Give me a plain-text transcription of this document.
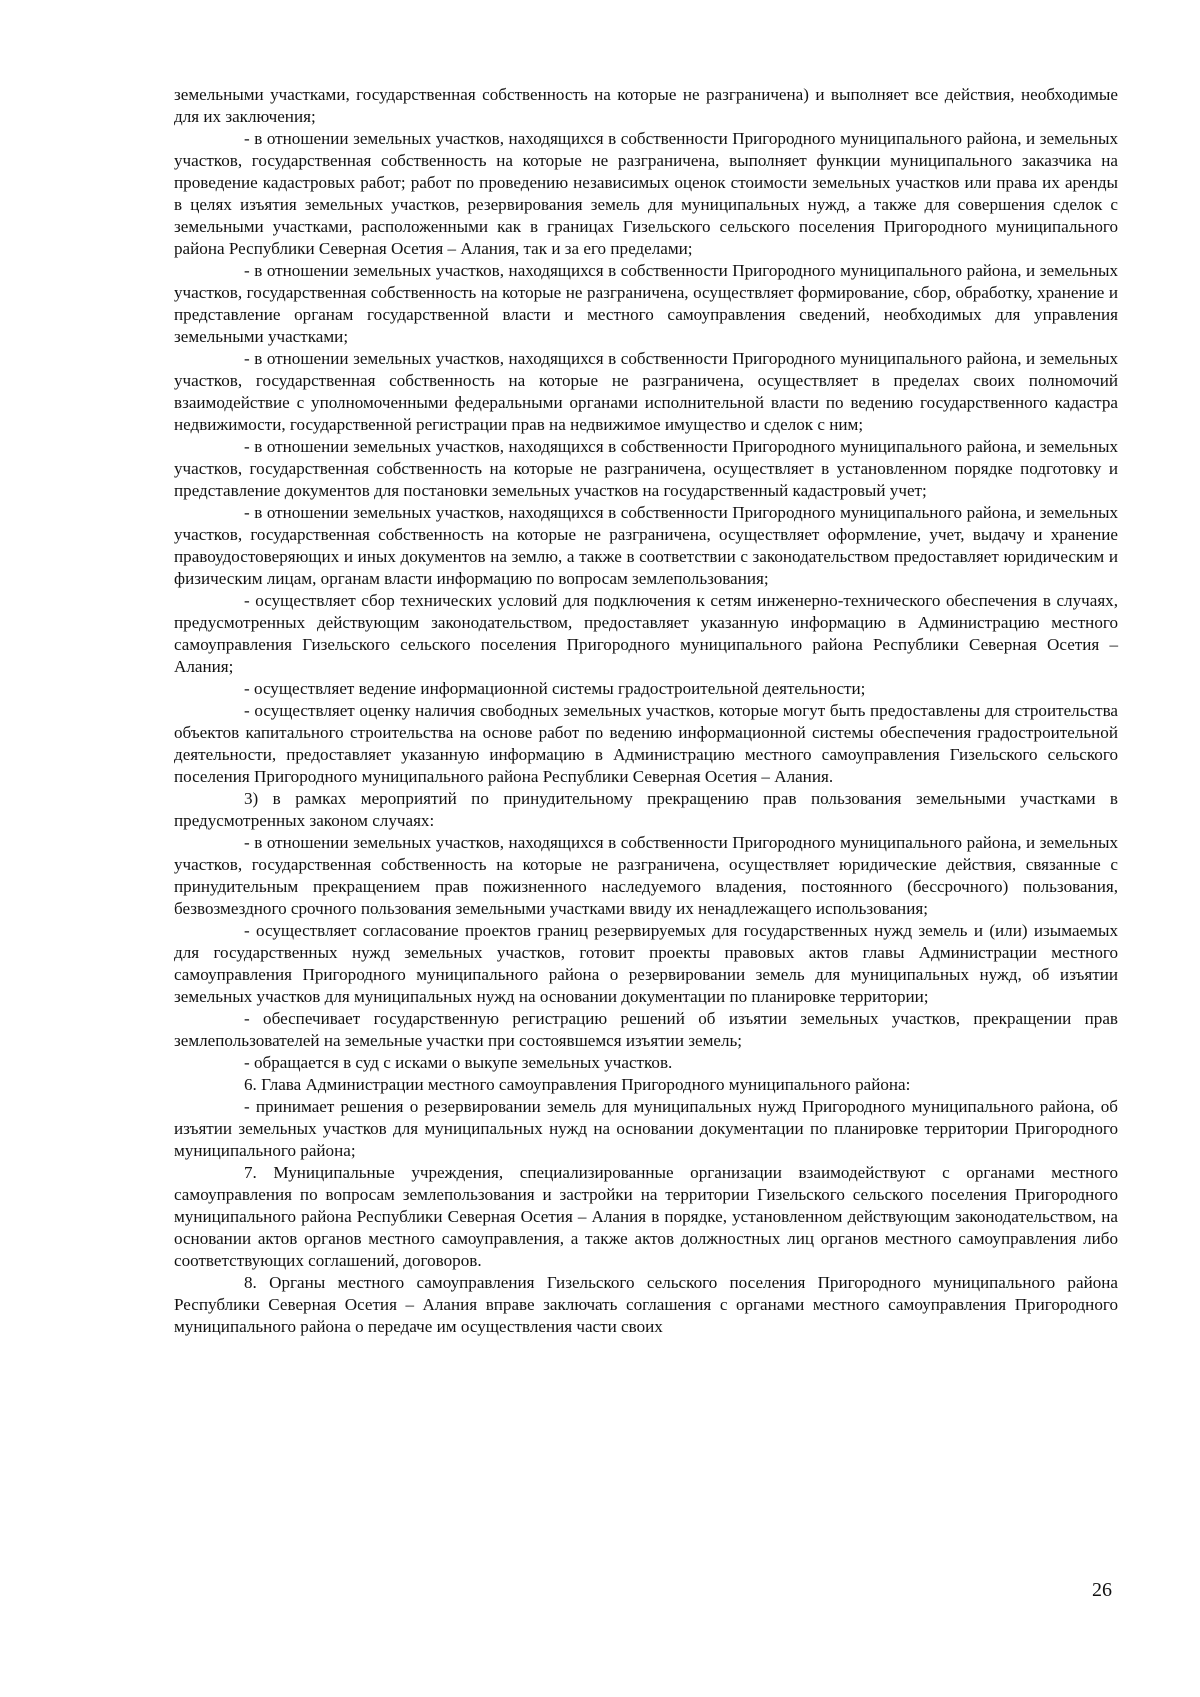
земельными участками, государственная собственность на которые не разграничена) и выполняет все действия, необходимые для их заключения;

- в отношении земельных участков, находящихся в собственности Пригородного муниципального района, и земельных участков, государственная собственность на которые не разграничена, выполняет функции муниципального заказчика на проведение кадастровых работ; работ по проведению независимых оценок стоимости земельных участков или права их аренды в целях изъятия земельных участков, резервирования земель для муниципальных нужд, а также для совершения сделок с земельными участками, расположенными как в границах Гизельского сельского поселения Пригородного муниципального района Республики Северная Осетия – Алания, так и за его пределами;

- в отношении земельных участков, находящихся в собственности Пригородного муниципального района, и земельных участков, государственная собственность на которые не разграничена, осуществляет формирование, сбор, обработку, хранение и представление органам государственной власти и местного самоуправления сведений, необходимых для управления земельными участками;

- в отношении земельных участков, находящихся в собственности Пригородного муниципального района, и земельных участков, государственная собственность на которые не разграничена, осуществляет в пределах своих полномочий взаимодействие с уполномоченными федеральными органами исполнительной власти по ведению государственного кадастра недвижимости, государственной регистрации прав на недвижимое имущество и сделок с ним;

- в отношении земельных участков, находящихся в собственности Пригородного муниципального района, и земельных участков, государственная собственность на которые не разграничена, осуществляет в установленном порядке подготовку и представление документов для постановки земельных участков на государственный кадастровый учет;

- в отношении земельных участков, находящихся в собственности Пригородного муниципального района, и земельных участков, государственная собственность на которые не разграничена, осуществляет оформление, учет, выдачу и хранение правоудостоверяющих и иных документов на землю, а также в соответствии с законодательством предоставляет юридическим и физическим лицам, органам власти информацию по вопросам землепользования;

- осуществляет сбор технических условий для подключения к сетям инженерно-технического обеспечения в случаях, предусмотренных действующим законодательством, предоставляет указанную информацию в Администрацию местного самоуправления Гизельского сельского поселения Пригородного муниципального района Республики Северная Осетия – Алания;

- осуществляет ведение информационной системы градостроительной деятельности;

- осуществляет оценку наличия свободных земельных участков, которые могут быть предоставлены для строительства объектов капитального строительства на основе работ по ведению информационной системы обеспечения градостроительной деятельности, предоставляет указанную информацию в Администрацию местного самоуправления Гизельского сельского поселения Пригородного муниципального района Республики Северная Осетия – Алания.

3) в рамках мероприятий по принудительному прекращению прав пользования земельными участками в предусмотренных законом случаях:

- в отношении земельных участков, находящихся в собственности Пригородного муниципального района, и земельных участков, государственная собственность на которые не разграничена, осуществляет юридические действия, связанные с принудительным прекращением прав пожизненного наследуемого владения, постоянного (бессрочного) пользования, безвозмездного срочного пользования земельными участками ввиду их ненадлежащего использования;

- осуществляет согласование проектов границ резервируемых для государственных нужд земель и (или) изымаемых для государственных нужд земельных участков, готовит проекты правовых актов главы Администрации местного самоуправления Пригородного муниципального района о резервировании земель для муниципальных нужд, об изъятии земельных участков для муниципальных нужд на основании документации по планировке территории;

- обеспечивает государственную регистрацию решений об изъятии земельных участков, прекращении прав землепользователей на земельные участки при состоявшемся изъятии земель;

- обращается в суд с исками о выкупе земельных участков.

6. Глава Администрации местного самоуправления Пригородного муниципального района:

- принимает решения о резервировании земель для муниципальных нужд Пригородного муниципального района, об изъятии земельных участков для муниципальных нужд на основании документации по планировке территории Пригородного муниципального района;

7. Муниципальные учреждения, специализированные организации взаимодействуют с органами местного самоуправления по вопросам землепользования и застройки на территории Гизельского сельского поселения Пригородного муниципального района Республики Северная Осетия – Алания в порядке, установленном действующим законодательством, на основании актов органов местного самоуправления, а также актов должностных лиц органов местного самоуправления либо соответствующих соглашений, договоров.

8. Органы местного самоуправления Гизельского сельского поселения Пригородного муниципального района Республики Северная Осетия – Алания вправе заключать соглашения с органами местного самоуправления Пригородного муниципального района о передаче им осуществления части своих

26
